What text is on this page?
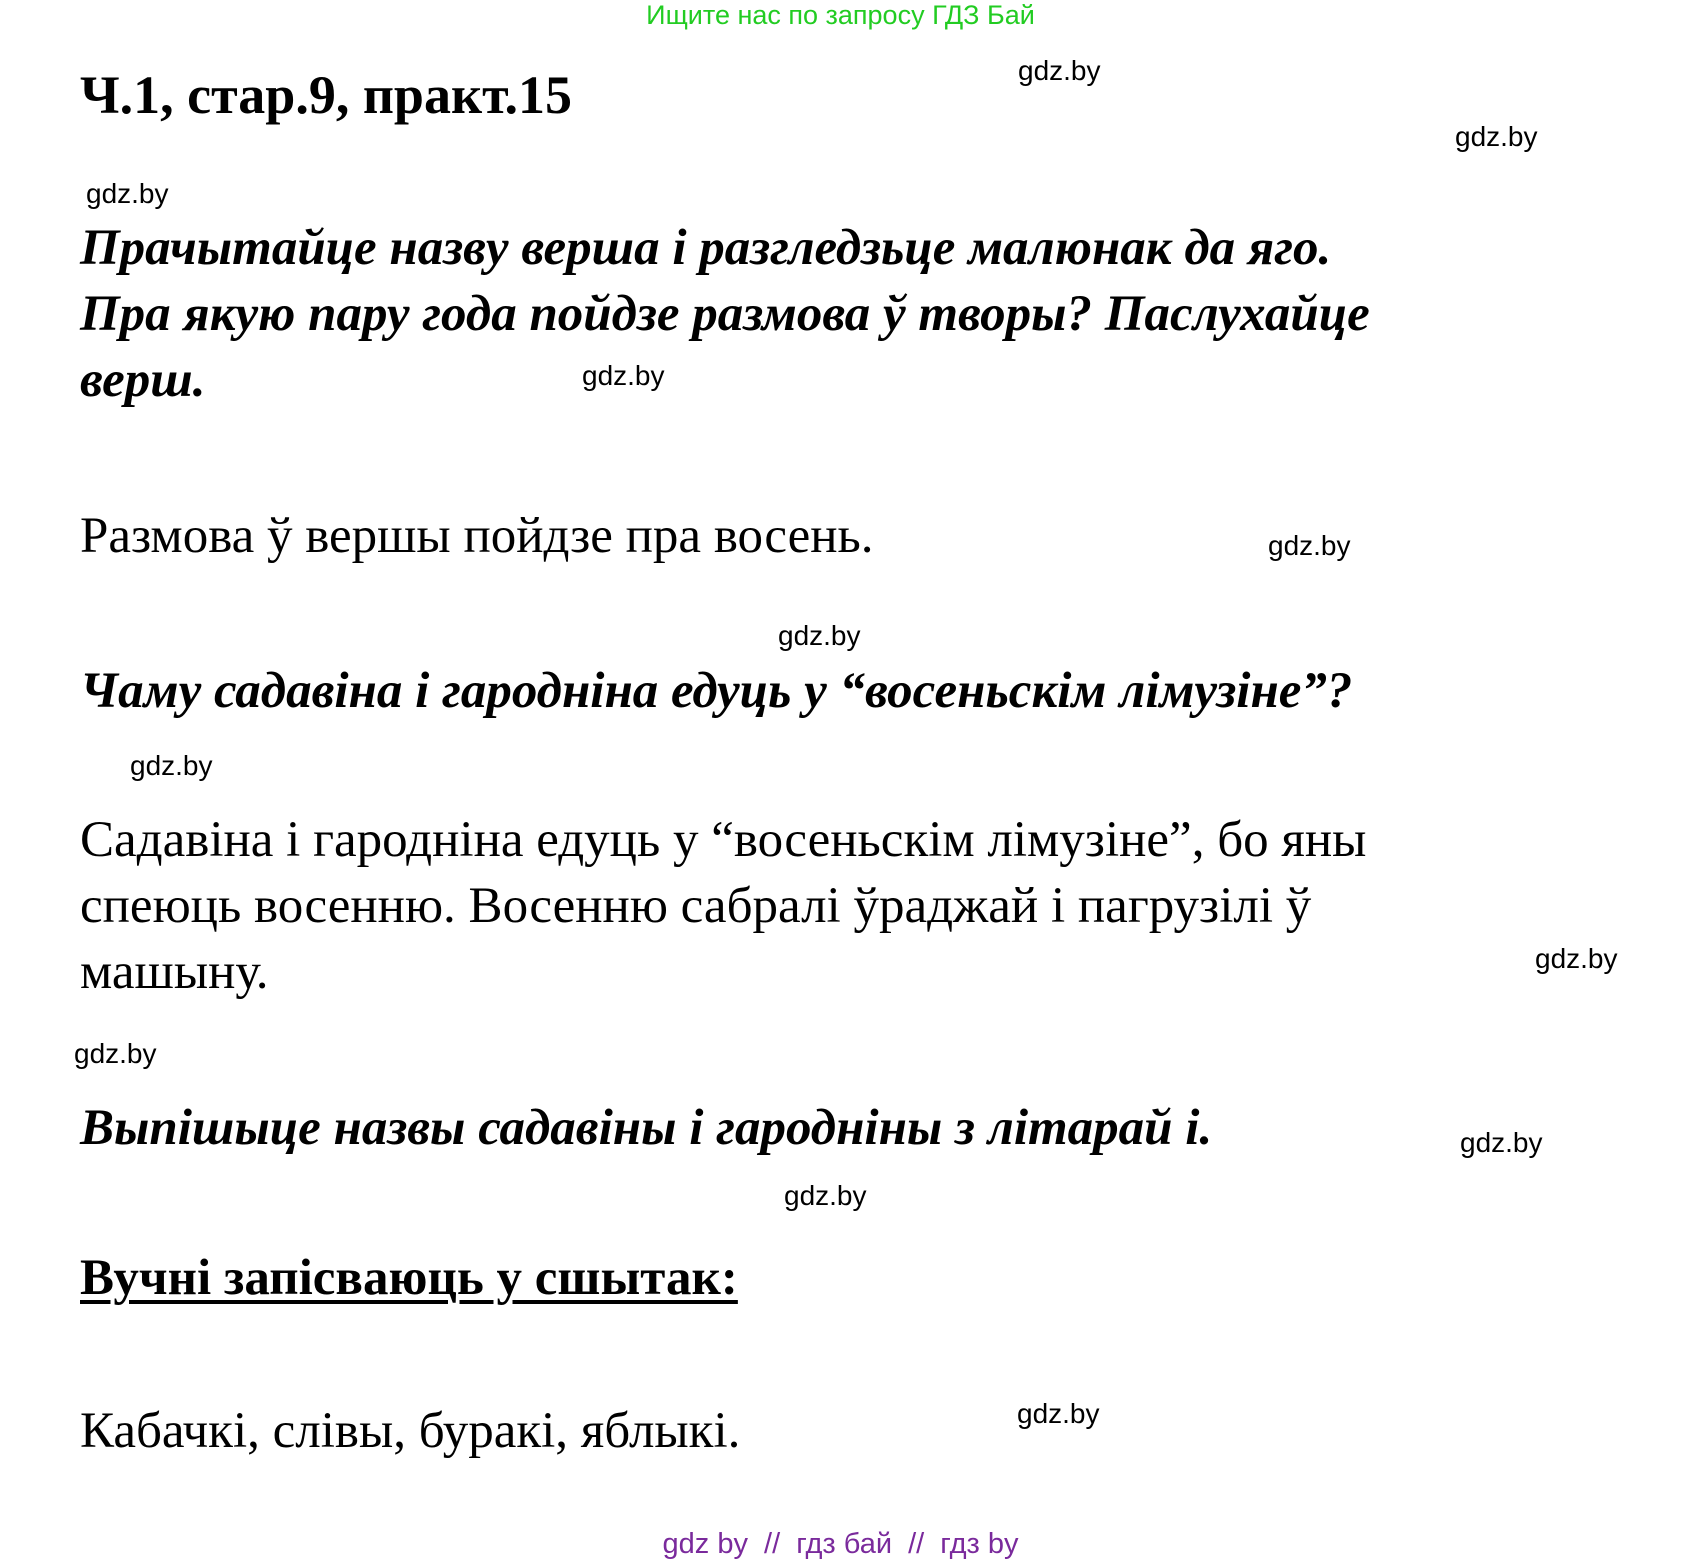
Ищите нас по запросу ГДЗ Бай
Ч.1, стар.9, практ.15	gdz.by
gdz.by
gdz.by
Прачытайце назву верша і разгледзьце малюнак да яго.
Пра якую пару года пойдзе размова ў творы? Паслухайце
верш.	gdz.by
Размова ў вершы пойдзе пра восень.	gdz.by
gdz.by
Чаму садавіна і гародніна едуць у “восеньскім лімузіне”?
gdz.by
Садавіна і гародніна едуць у “восеньскім лімузіне”, бо яны
спеюць восенню. Восенню сабралі ўраджай і пагрузілі ў
машыну.	gdz.by
gdz.by
Выпішыце назвы садавіны і гародніны з літарай і.	gdz.by
gdz.by
Вучні запісваюць у сшытак:
gdz.by
Кабачкі, слівы, буракі, яблыкі.
gdz by // гдз бай // гдз by
